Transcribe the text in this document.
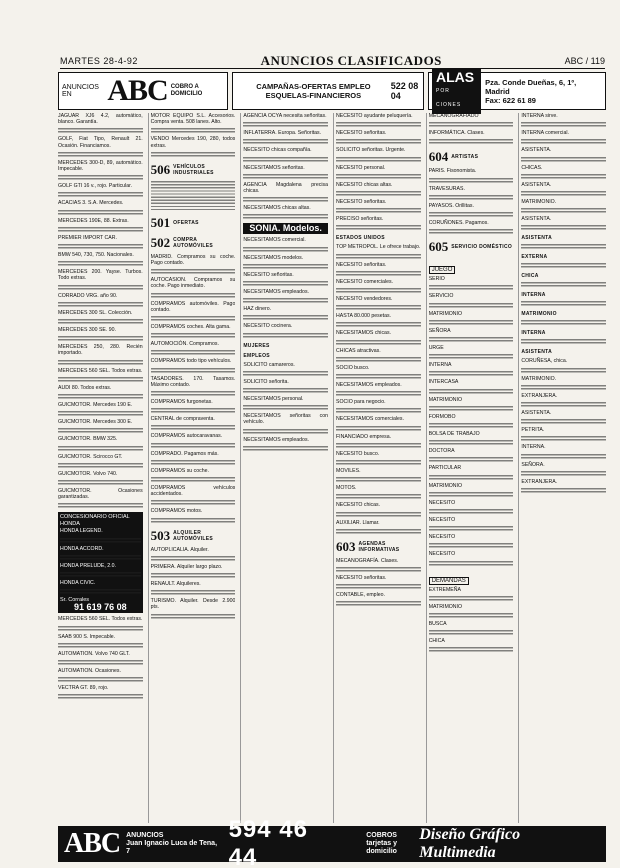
MARTES 28-4-92	ANUNCIOS CLASIFICADOS	ABC / 119
ANUNCIOS EN	ABC COBRO A DOMICILIO
CAMPAÑAS-OFERTAS EMPLEO ESQUELAS-FINANCIEROS
522 08 04
ALAS
POR CIONES
Pza. Conde Dueñas, 6, 1º, Madrid
Fax: 622 61 89
JAGUAR XJ6 4.2, automático, blanco. Garantía.
GOLF, Fiat Tipo, Renault 21. Ocasión. Financiamos.
MERCEDES 300-D, 89, automático. Impecable.
GOLF GTI 16 v., rojo. Particular.
ACACIAS 3. S.A. Mercedes.
MERCEDES 190E, 88. Extras.
PREMIER IMPORT CAR.
BMW 540, 730, 750. Nacionales.
MERCEDES 200. Yayse. Turbos. Todo extras.
CORRADO VRG. año 90.
MERCEDES 300 SL. Colección.
MERCEDES 300 SE. 90.
MERCEDES 250, 280. Recién importado.
MERCEDES 560 SEL. Todos extras.
AUDI 80. Todos extras.
GUICMOTOR. Mercedes 190 E.
GUICMOTOR. Mercedes 300 E.
GUICMOTOR. BMW 325.
GUICMOTOR. Scirocco GT.
GUICMOTOR. Volvo 740.
GUICMOTOR. Ocasiones garantizadas.
CONCESIONARIO OFICIAL HONDA
HONDA LEGEND.
HONDA ACCORD.
HONDA PRELUDE, 2.0.
HONDA CIVIC.
Sr. Corrales
91 619 76 08
MERCEDES 560 SEL. Todos extras.
SAAB 900 S. Impecable.
AUTOMATION. Volvo 740 GLT.
AUTOMATION. Ocasiones.
VECTRA GT. 89, rojo.
MOTOR EQUIPO S.L. Accesorios. Compra venta. 508 lanes. Alto.
VENDO Mercedes 190, 280, todos extras.
506 VEHÍCULOS INDUSTRIALES
501 OFERTAS
502 COMPRA AUTOMÓVILES
MADRID. Compramos su coche. Pago contado.
AUTOCASION. Compramos su coche. Pago inmediato.
COMPRAMOS automóviles. Pago contado.
COMPRAMOS coches. Alta gama.
AUTOMOCIÓN. Compramos.
COMPRAMOS todo tipo vehículos.
TASADORES. 170. Tasamos. Máximo contado.
COMPRAMOS furgonetas.
CENTRAL de compraventa.
COMPRAMOS autocaravanas.
COMPRADO. Pagamos más.
COMPRAMOS su coche.
COMPRAMOS vehículos accidentados.
COMPRAMOS motos.
503 ALQUILER AUTOMÓVILES
AUTOPLICALIA. Alquiler.
PRIMERA. Alquiler largo plazo.
RENAULT. Alquileres.
TURISMO. Alquiler. Desde 2.900 pts.
AGENCIA OCYA necesita señoritas.
INFLATERRA. Europa. Señoritas.
NECESITO chicas compañía.
NECESITAMOS señoritas.
AGENCIA Magdalena precisa chicas.
NECESITAMOS chicas altas.
SONIA. Modelos.
NECESITAMOS comercial.
NECESITAMOS modelos.
NECESITO señoritas.
NECESITAMOS empleados.
HAZ dinero.
NECESITO cocinera.
MUJERES
EMPLEOS
SOLICITO camareros.
SOLICITO señorita.
NECESITAMOS personal.
NECESITAMOS señoritas con vehículo.
NECESITAMOS empleados.
NECESITO ayudante peluquería.
NECESITO señoritas.
SOLICITO señoritas. Urgente.
NECESITO personal.
NECESITO chicas altas.
NECESITO señoritas.
PRECISO señoritas.
ESTADOS UNIDOS
TOP METROPOL. Le ofrece trabajo.
NECESITO señoritas.
NECESITO comerciales.
NECESITO vendedores.
HASTA 80.000 pesetas.
NECESITAMOS chicas.
CHICAS atractivas.
SOCIO busco.
NECESITAMOS empleados.
SOCIO para negocio.
NECESITAMOS comerciales.
FINANCIADO empresa.
NECESITO busco.
MOVILES.
MOTOS.
NECESITO chicas.
AUXILIAR. Llamar.
603 AGENDAS INFORMATIVAS
MECANOGRAFÍA. Clases.
NECESITO señoritas.
CONTABLE, empleo.
MECANOGRAFIADO
INFORMÁTICA. Clases.
604 ARTISTAS
PARIS. Fisonomista.
TRAVESURAS.
PAYASOS. Orillitas.
CORUÑONES. Pagamos.
605 SERVICIO DOMÉSTICO
JUEGO
SERIO
SERVICIO
MATRIMONIO
SEÑORA
URGE
INTERNA
INTERCASA
MATRIMONIO
FORMOBO
BOLSA DE TRABAJO
DOCTORA
PARTICULAR
MATRIMONIO
NECESITO
NECESITO
NECESITO
NECESITO
DEMANDAS
EXTREMEÑA
MATRIMONIO
BUSCA
CHICA
INTERNA sirve.
INTERNA comercial.
ASISTENTA.
CHICAS.
ASISTENTA.
MATRIMONIO.
ASISTENTA.
ASISTENTA
EXTERNA
CHICA
INTERNA
MATRIMONIO
INTERNA
ASISTENTA
CORUÑESA, chica.
MATRIMONIO.
EXTRANJERA.
ASISTENTA.
PETRITA.
INTERNA.
SEÑORA.
EXTRANJERA.
ABC ANUNCIOS
Juan Ignacio Luca de Tena, 7
594 46 44
COBROS
tarjetas y domicilio
Diseño Gráfico Multimedia
